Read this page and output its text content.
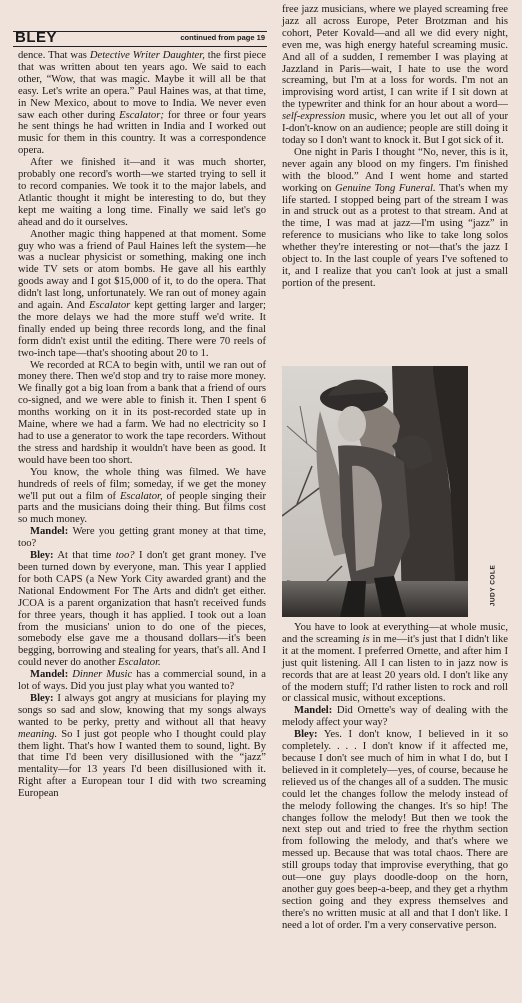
BLEY	continued from page 19

dence. That was Detective Writer Daughter, the first piece that was written about ten years ago. We said to each other, “Wow, that was magic. Maybe it will all be that easy. Let's write an opera.” Paul Haines was, at that time, in New Mexico, about to move to India. We never even saw each other during Escalator; for three or four years he sent things he had written in India and I worked out music for them in this country. It was a correspondence opera.

After we finished it—and it was much shorter, probably one record's worth—we started trying to sell it to record companies. We took it to the major labels, and Atlantic thought it might be interesting to do, but they kept me waiting a long time. Finally we said let's go ahead and do it ourselves.

Another magic thing happened at that moment. Some guy who was a friend of Paul Haines left the system—he was a nuclear physicist or something, making one inch wide TV sets or atom bombs. He gave all his earthly goods away and I got $15,000 of it, to do the opera. That didn't last long, unfortunately. We ran out of money again and again. And Escalator kept getting larger and larger; the more delays we had the more stuff we'd write. It finally ended up being three records long, and the final form didn't exist until the editing. There were 70 reels of two-inch tape—that's shooting about 20 to 1.

We recorded at RCA to begin with, until we ran out of money there. Then we'd stop and try to raise more money. We finally got a big loan from a bank that a friend of ours co-signed, and we were able to finish it. Then I spent 6 months working on it in its post-recorded state up in Maine, where we had a farm. We had no electricity so I had to use a generator to work the tape recorders. Without the stress and hardship it wouldn't have been as good. It would have been too short.

You know, the whole thing was filmed. We have hundreds of reels of film; someday, if we get the money we'll put out a film of Escalator, of people singing their parts and the musicians doing their thing. But films cost so much money.

Mandel: Were you getting grant money at that time, too?

Bley: At that time too? I don't get grant money. I've been turned down by everyone, man. This year I applied for both CAPS (a New York City awarded grant) and the National Endowment For The Arts and didn't get either. JCOA is a parent organization that hasn't received funds for three years, though it has applied. I took out a loan from the musicians' union to do one of the pieces, somebody else gave me a thousand dollars—it's been begging, borrowing and stealing for years, that's all. And I could never do another Escalator.

Mandel: Dinner Music has a commercial sound, in a lot of ways. Did you just play what you wanted to?

Bley: I always got angry at musicians for playing my songs so sad and slow, knowing that my songs always wanted to be perky, pretty and without all that heavy meaning. So I just got people who I thought could play them light. That's how I wanted them to sound, light. By that time I'd been very disillusioned with the “jazz” mentality—for 13 years I'd been disillusioned with it. Right after a European tour I did with two screaming European

free jazz musicians, where we played screaming free jazz all across Europe, Peter Brotzman and his cohort, Peter Kovald—and all we did every night, even me, was high energy hateful screaming music. And all of a sudden, I remember I was playing at Jazzland in Paris—wait, I hate to use the word screaming, but I'm at a loss for words. I'm not an improvising word artist, I can write if I sit down at the typewriter and think for an hour about a word—self-expression music, where you let out all of your I-don't-know on an audience; people are still doing it today so I don't want to knock it. But I got sick of it.

One night in Paris I thought “No, never, this is it, never again any blood on my fingers. I'm finished with the blood.” And I went home and started working on Genuine Tong Funeral. That's when my life started. I stopped being part of the stream I was in and struck out as a protest to that stream. And at the time, I was mad at jazz—I'm using “jazz” in reference to musicians who like to take long solos whether they're interesting or not—that's the jazz I object to. In the last couple of years I've softened to it, and I realize that you can't look at just a small portion of the present.

JUDY COLE

You have to look at everything—at whole music, and the screaming is in me—it's just that I didn't like it at the moment. I preferred Ornette, and after him I just quit listening. All I can listen to in jazz now is records that are at least 20 years old. I don't like any of the modern stuff; I'd rather listen to rock and roll or classical music, without exceptions.

Mandel: Did Ornette's way of dealing with the melody affect your way?

Bley: Yes. I don't know, I believed in it so completely. . . . I don't know if it affected me, because I don't see much of him in what I do, but I believed in it completely—yes, of course, because he relieved us of the changes all of a sudden. The music could let the changes follow the melody instead of the melody following the changes. It's so hip! The changes follow the melody! But then we took the next step out and tried to free the rhythm section from following the melody, and that's where we messed up. Because that was total chaos. There are still groups today that improvise everything, that go out—one guy plays doodle-doop on the horn, another guy goes beep-a-beep, and they get a rhythm section going and they express themselves and there's no written music at all and that I don't like. I need a lot of order. I'm a very conservative person.
